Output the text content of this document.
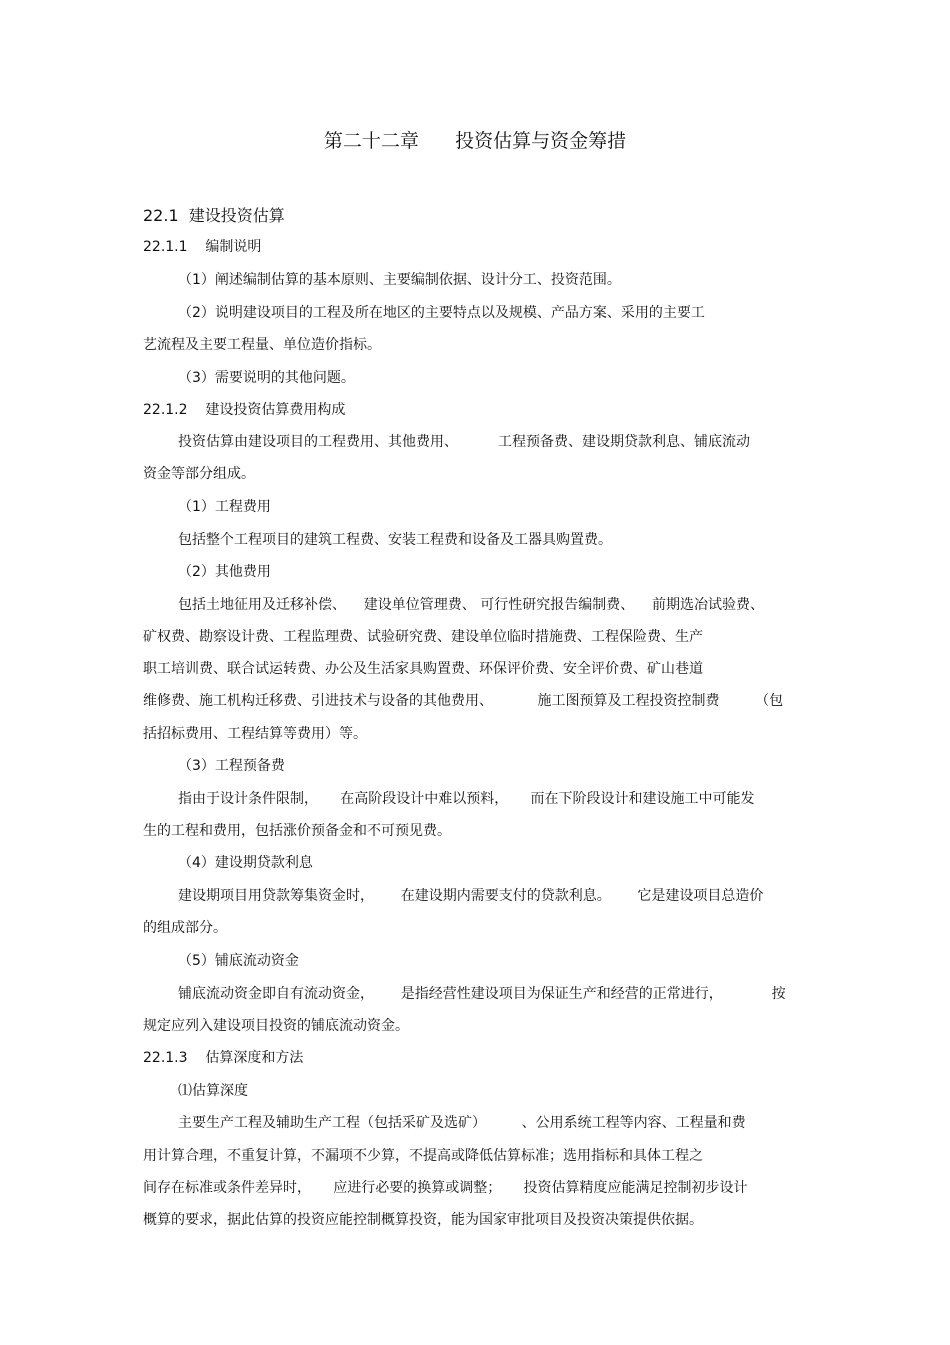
第二十二章      投资估算与资金筹措
22.1  建设投资估算
22.1.1    编制说明
（1）阐述编制估算的基本原则、主要编制依据、设计分工、投资范围。
（2）说明建设项目的工程及所在地区的主要特点以及规模、产品方案、采用的主要工
艺流程及主要工程量、单位造价指标。
（3）需要说明的其他问题。
22.1.2    建设投资估算费用构成
投资估算由建设项目的工程费用、其他费用、         工程预备费、建设期贷款利息、铺底流动
资金等部分组成。
（1）工程费用
包括整个工程项目的建筑工程费、安装工程费和设备及工器具购置费。
（2）其他费用
包括土地征用及迁移补偿、    建设单位管理费、 可行性研究报告编制费、    前期选冶试验费、
矿权费、勘察设计费、工程监理费、试验研究费、建设单位临时措施费、工程保险费、生产
职工培训费、联合试运转费、办公及生活家具购置费、环保评价费、安全评价费、矿山巷道
维修费、施工机构迁移费、引进技术与设备的其他费用、          施工图预算及工程投资控制费        （包
括招标费用、工程结算等费用）等。
（3）工程预备费
指由于设计条件限制，     在高阶段设计中难以预料，     而在下阶段设计和建设施工中可能发
生的工程和费用，包括涨价预备金和不可预见费。
（4）建设期贷款利息
建设期项目用贷款筹集资金时，      在建设期内需要支付的贷款利息。      它是建设项目总造价
的组成部分。
（5）铺底流动资金
铺底流动资金即自有流动资金，      是指经营性建设项目为保证生产和经营的正常进行，           按
规定应列入建设项目投资的铺底流动资金。
22.1.3    估算深度和方法
⑴估算深度
主要生产工程及辅助生产工程（包括采矿及选矿）        、公用系统工程等内容、工程量和费
用计算合理，不重复计算，不漏项不少算，不提高或降低估算标准；选用指标和具体工程之
间存在标准或条件差异时，     应进行必要的换算或调整；     投资估算精度应能满足控制初步设计
概算的要求，据此估算的投资应能控制概算投资，能为国家审批项目及投资决策提供依据。
